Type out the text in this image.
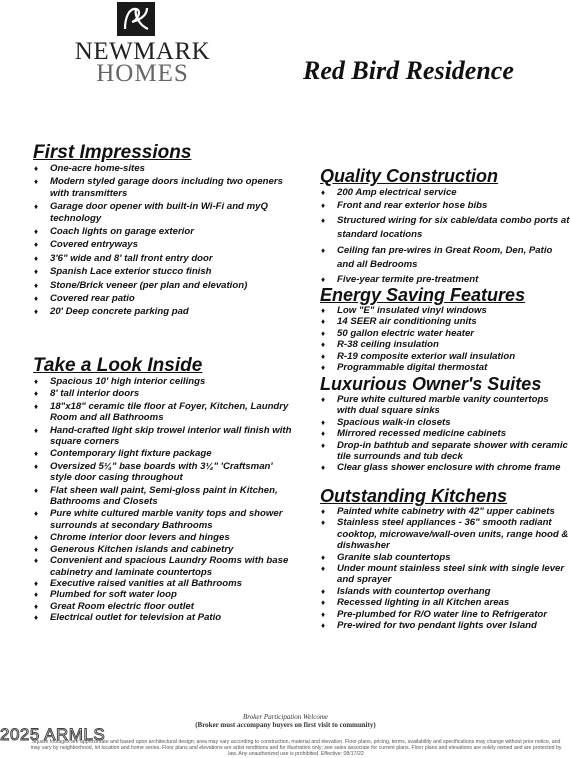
NEWMARK
HOMES	Red Bird Residence
First Impressions
♦ One-acre home-sites
♦ Modern styled garage doors including two openers with transmitters
♦ Garage door opener with built-in Wi-Fi and myQ technology
♦ Coach lights on garage exterior
♦ Covered entryways
♦ 3'6" wide and 8' tall front entry door
♦ Spanish Lace exterior stucco finish
♦ Stone/Brick veneer (per plan and elevation)
♦ Covered rear patio
♦ 20' Deep concrete parking pad
Take a Look Inside
♦ Spacious 10' high interior ceilings
♦ 8' tall interior doors
♦ 18"x18" ceramic tile floor at Foyer, Kitchen, Laundry Room and all Bathrooms
♦ Hand-crafted light skip trowel interior wall finish with square corners
♦ Contemporary light fixture package
♦ Oversized 5¼" base boards with 3¼" 'Craftsman' style door casing throughout
♦ Flat sheen wall paint, Semi-gloss paint in Kitchen, Bathrooms and Closets
♦ Pure white cultured marble vanity tops and shower surrounds at secondary Bathrooms
♦ Chrome interior door levers and hinges
♦ Generous Kitchen islands and cabinetry
♦ Convenient and spacious Laundry Rooms with base cabinetry and laminate countertops
♦ Executive raised vanities at all Bathrooms
♦ Plumbed for soft water loop
♦ Great Room electric floor outlet
♦ Electrical outlet for television at Patio
Quality Construction
♦ 200 Amp electrical service
♦ Front and rear exterior hose bibs
♦ Structured wiring for six cable/data combo ports at standard locations
♦ Ceiling fan pre-wires in Great Room, Den, Patio and all Bedrooms
♦ Five-year termite pre-treatment
Energy Saving Features
♦ Low "E" insulated vinyl windows
♦ 14 SEER air conditioning units
♦ 50 gallon electric water heater
♦ R-38 ceiling insulation
♦ R-19 composite exterior wall insulation
♦ Programmable digital thermostat
Luxurious Owner's Suites
♦ Pure white cultured marble vanity countertops with dual square sinks
♦ Spacious walk-in closets
♦ Mirrored recessed medicine cabinets
♦ Drop-in bathtub and separate shower with ceramic tile surrounds and tub deck
♦ Clear glass shower enclosure with chrome frame
Outstanding Kitchens
♦ Painted white cabinetry with 42" upper cabinets
♦ Stainless steel appliances - 36" smooth radiant cooktop, microwave/wall-oven units, range hood & dishwasher
♦ Granite slab countertops
♦ Under mount stainless steel sink with single lever and sprayer
♦ Islands with countertop overhang
♦ Recessed lighting in all Kitchen areas
♦ Pre-plumbed for R/O water line to Refrigerator
♦ Pre-wired for two pendant lights over Island
Broker Participation Welcome
(Broker must accompany buyers on first visit to community)
Square footages are approximate and based upon architectural design; area may vary according to construction, material and elevation. Floor plans, pricing, terms, availability and specifications may change without prior notice, and may vary by neighborhood, lot location and home series. Floor plans and elevations are artist renditions and for illustration only; see sales associate for current plans. Floor plans and elevations are solely owned and are protected by law. Any unauthorized use is prohibited. Effective: 08/17/22
2025 ARMLS
